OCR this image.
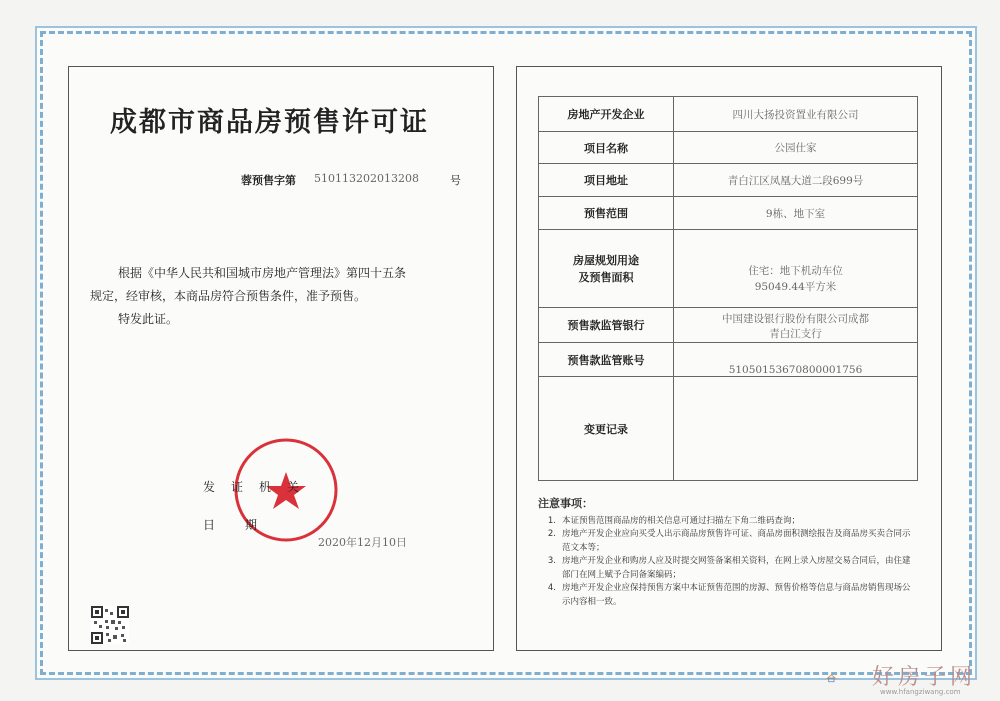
成都市商品房预售许可证
蓉预售字第 510113202013208	号
根据《中华人民共和国城市房地产管理法》第四十五条
规定，经审核，本商品房符合预售条件，准予预售。
特发此证。
发证机关
日期
2020年12月10日
房地产开发企业	四川大扬投资置业有限公司
项目名称	公园仕家
项目地址	青白江区凤凰大道二段699号
预售范围	9栋、地下室
房屋规划用途
及预售面积	住宅：地下机动车位
95049.44平方米
预售款监管银行	中国建设银行股份有限公司成都
青白江支行
预售款监管账号	51050153670800001756
变更记录	
注意事项：
1. 本证预售范围商品房的相关信息可通过扫描左下角二维码查询；
2. 房地产开发企业应向买受人出示商品房预售许可证、商品房面积测绘报告及商品房买卖合同示范文本等；
3. 房地产开发企业和购房人应及时提交网签备案相关资料，在网上录入房屋交易合同后，由住建部门在网上赋予合同备案编码；
4. 房地产开发企业应保持预售方案中本证预售范围的房源、预售价格等信息与商品房销售现场公示内容相一致。
好房子网
www.hfangziwang.com
